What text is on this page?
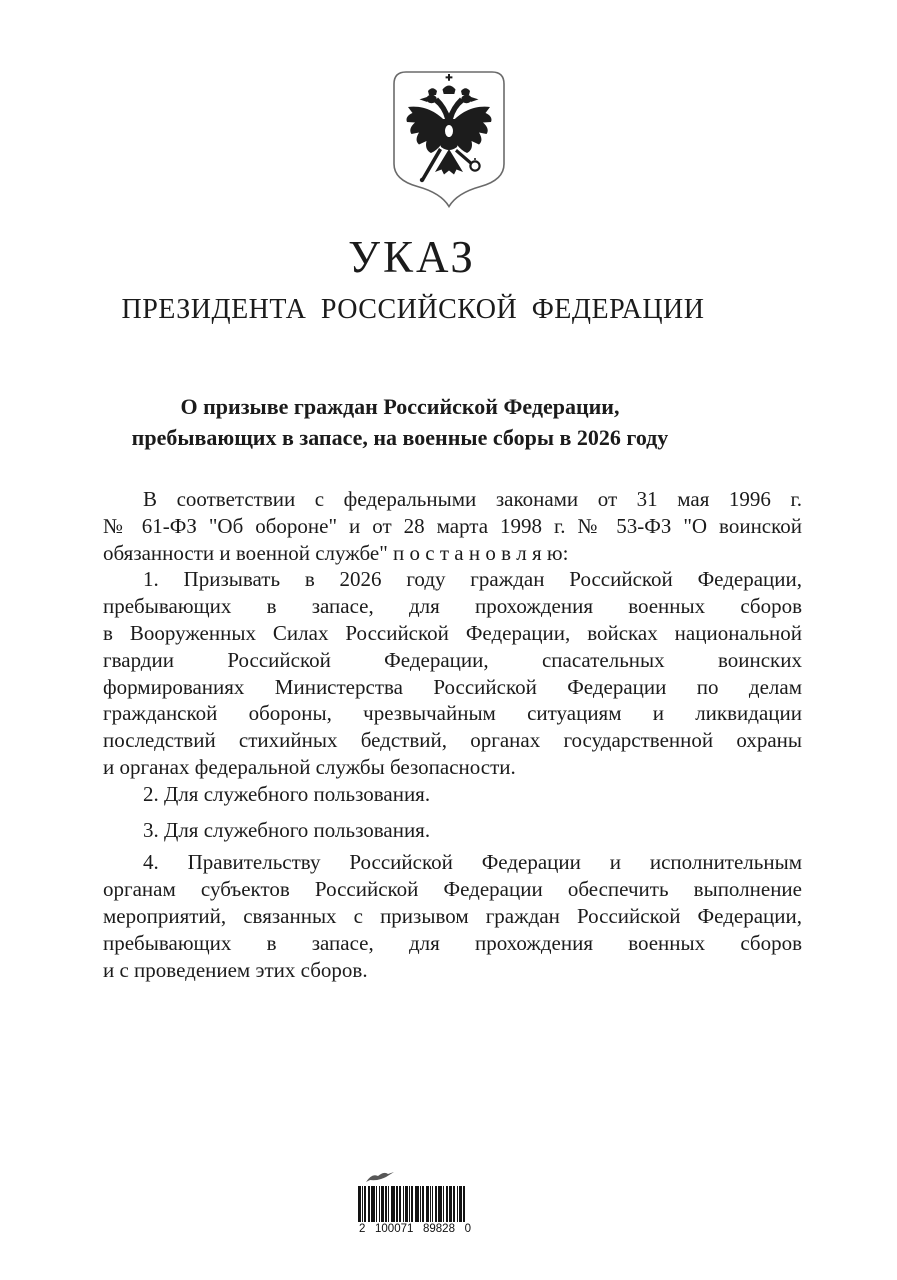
УКАЗ
ПРЕЗИДЕНТА РОССИЙСКОЙ ФЕДЕРАЦИИ
О призыве граждан Российской Федерации,
пребывающих в запасе, на военные сборы в 2026 году
В соответствии с федеральными законами от 31 мая 1996 г.
№ 61-ФЗ "Об обороне" и от 28 марта 1998 г. № 53-ФЗ "О воинской
обязанности и военной службе" п о с т а н о в л я ю:
1. Призывать в 2026 году граждан Российской Федерации,
пребывающих в запасе, для прохождения военных сборов
в Вооруженных Силах Российской Федерации, войсках национальной
гвардии Российской Федерации, спасательных воинских
формированиях Министерства Российской Федерации по делам
гражданской обороны, чрезвычайным ситуациям и ликвидации
последствий стихийных бедствий, органах государственной охраны
и органах федеральной службы безопасности.
2. Для служебного пользования.
3. Для служебного пользования.
4. Правительству Российской Федерации и исполнительным
органам субъектов Российской Федерации обеспечить выполнение
мероприятий, связанных с призывом граждан Российской Федерации,
пребывающих в запасе, для прохождения военных сборов
и с проведением этих сборов.
2 100071 89828 0
